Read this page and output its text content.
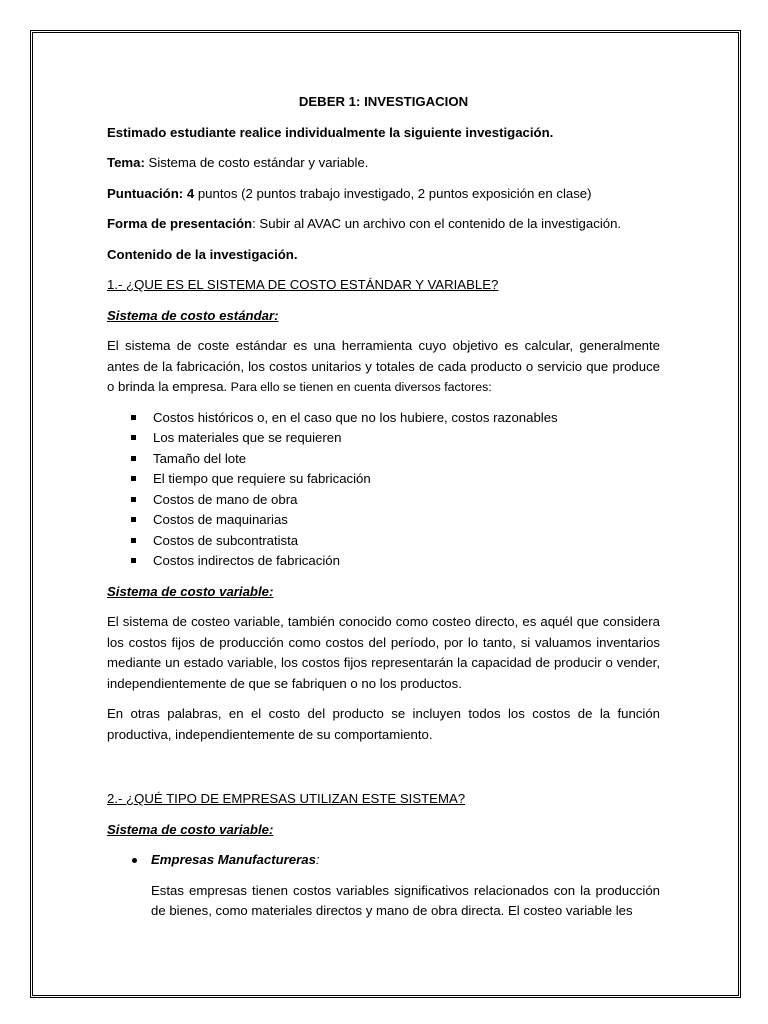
DEBER 1: INVESTIGACION

Estimado estudiante realice individualmente la siguiente investigación.

Tema: Sistema de costo estándar y variable.

Puntuación: 4 puntos (2 puntos trabajo investigado, 2 puntos exposición en clase)

Forma de presentación: Subir al AVAC un archivo con el contenido de la investigación.

Contenido de la investigación.

1.- ¿QUE ES EL SISTEMA DE COSTO ESTÁNDAR Y VARIABLE?

Sistema de costo estándar:

El sistema de coste estándar es una herramienta cuyo objetivo es calcular, generalmente antes de la fabricación, los costos unitarios y totales de cada producto o servicio que produce o brinda la empresa. Para ello se tienen en cuenta diversos factores:

Costos históricos o, en el caso que no los hubiere, costos razonables
Los materiales que se requieren
Tamaño del lote
El tiempo que requiere su fabricación
Costos de mano de obra
Costos de maquinarias
Costos de subcontratista
Costos indirectos de fabricación

Sistema de costo variable:

El sistema de costeo variable, también conocido como costeo directo, es aquél que considera los costos fijos de producción como costos del período, por lo tanto, si valuamos inventarios mediante un estado variable, los costos fijos representarán la capacidad de producir o vender, independientemente de que se fabriquen o no los productos.

En otras palabras, en el costo del producto se incluyen todos los costos de la función productiva, independientemente de su comportamiento.

2.- ¿QUÉ TIPO DE EMPRESAS UTILIZAN ESTE SISTEMA?

Sistema de costo variable:

Empresas Manufactureras:

Estas empresas tienen costos variables significativos relacionados con la producción de bienes, como materiales directos y mano de obra directa. El costeo variable les
